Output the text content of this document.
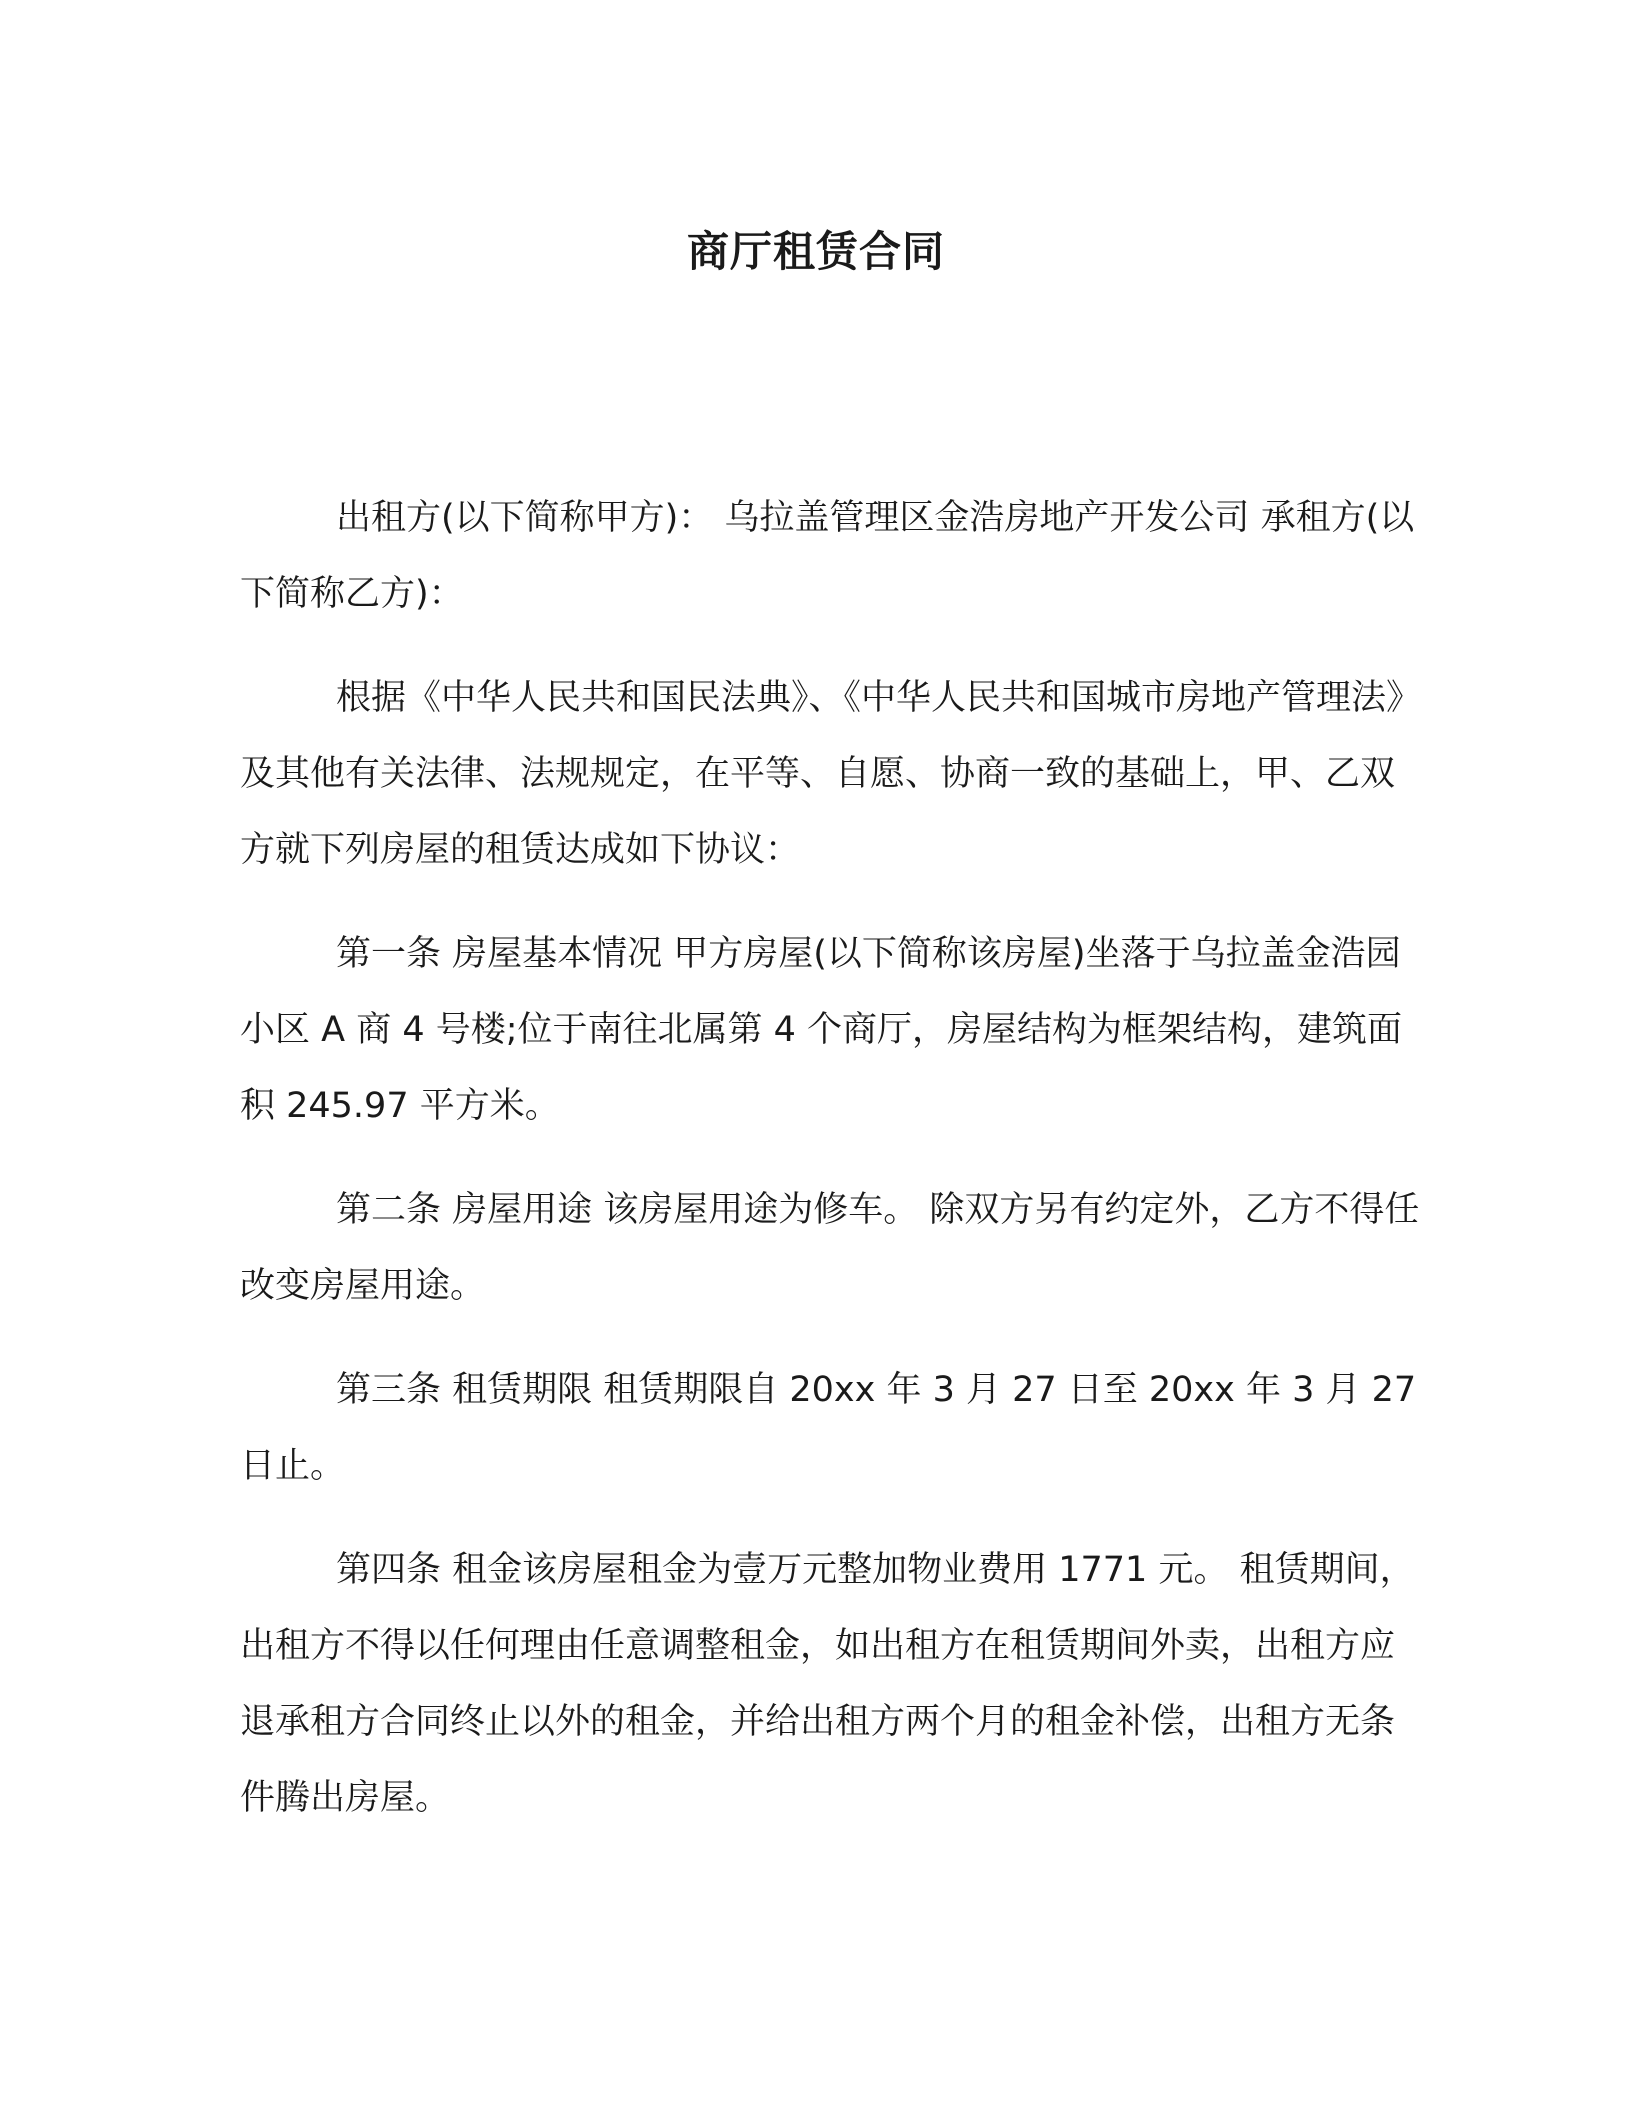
商厅租赁合同

出租方(以下简称甲方)： 乌拉盖管理区金浩房地产开发公司 承租方(以下简称乙方)：

根据《中华人民共和国民法典》、《中华人民共和国城市房地产管理法》及其他有关法律、法规规定，在平等、自愿、协商一致的基础上，甲、乙双方就下列房屋的租赁达成如下协议：

第一条 房屋基本情况 甲方房屋(以下简称该房屋)坐落于乌拉盖金浩园小区 A 商 4 号楼;位于南往北属第 4 个商厅，房屋结构为框架结构，建筑面积 245.97 平方米。

第二条 房屋用途 该房屋用途为修车。 除双方另有约定外，乙方不得任改变房屋用途。

第三条 租赁期限 租赁期限自 20xx 年 3 月 27 日至 20xx 年 3 月 27 日止。

第四条 租金该房屋租金为壹万元整加物业费用 1771 元。 租赁期间，出租方不得以任何理由任意调整租金，如出租方在租赁期间外卖，出租方应退承租方合同终止以外的租金，并给出租方两个月的租金补偿，出租方无条件腾出房屋。
